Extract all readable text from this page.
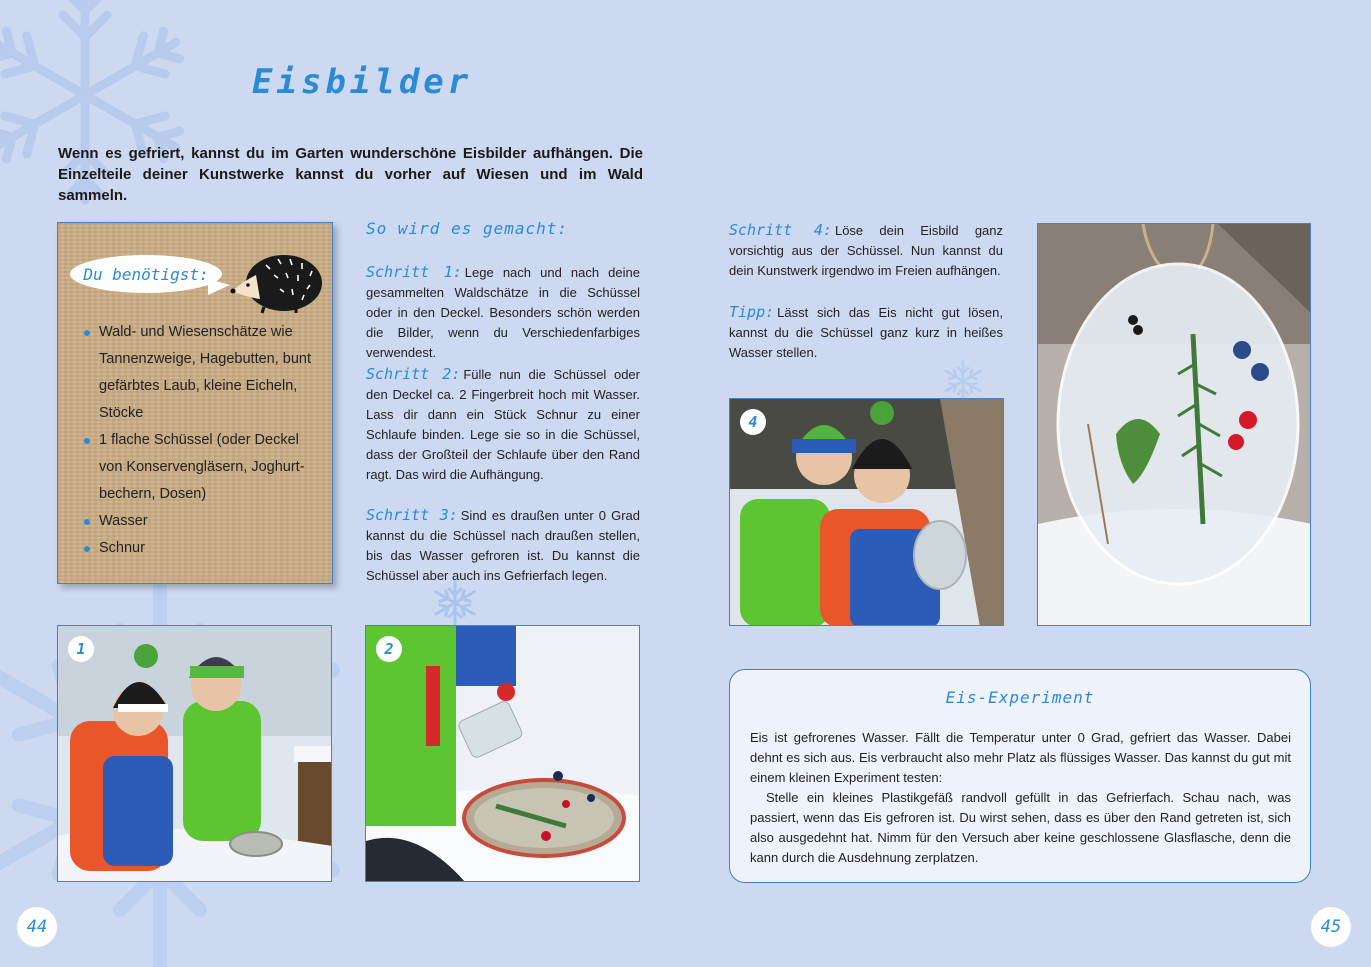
Eisbilder

Wenn es gefriert, kannst du im Garten wunderschöne Eisbilder aufhängen. Die Einzelteile deiner Kunstwerke kannst du vorher auf Wiesen und im Wald sammeln.

Du benötigst:
Wald- und Wiesenschätze wie Tannenzweige, Hagebutten, bunt gefärbtes Laub, kleine Eicheln, Stöcke
1 flache Schüssel (oder Deckel von Konservengläsern, Joghurt-bechern, Dosen)
Wasser
Schnur
So wird es gemacht:

Schritt 1: Lege nach und nach deine gesammelten Waldschätze in die Schüssel oder in den Deckel. Besonders schön werden die Bilder, wenn du Verschiedenfarbiges verwendest.

Schritt 2: Fülle nun die Schüssel oder den Deckel ca. 2 Fingerbreit hoch mit Wasser. Lass dir dann ein Stück Schnur zu einer Schlaufe binden. Lege sie so in die Schüssel, dass der Großteil der Schlaufe über den Rand ragt. Das wird die Aufhängung.

Schritt 3: Sind es draußen unter 0 Grad kannst du die Schüssel nach draußen stellen, bis das Wasser gefroren ist. Du kannst die Schüssel aber auch ins Gefrierfach legen.

Schritt 4: Löse dein Eisbild ganz vorsichtig aus der Schüssel. Nun kannst du dein Kunstwerk irgendwo im Freien aufhängen.

Tipp: Lässt sich das Eis nicht gut lösen, kannst du die Schüssel ganz kurz in heißes Wasser stellen.

1	2
4
Eis-Experiment

Eis ist gefrorenes Wasser. Fällt die Temperatur unter 0 Grad, gefriert das Wasser. Dabei dehnt es sich aus. Eis verbraucht also mehr Platz als flüssiges Wasser. Das kannst du gut mit einem kleinen Experiment testen:

Stelle ein kleines Plastikgefäß randvoll gefüllt in das Gefrierfach. Schau nach, was passiert, wenn das Eis gefroren ist. Du wirst sehen, dass es über den Rand getreten ist, sich also ausgedehnt hat. Nimm für den Versuch aber keine geschlossene Glasflasche, denn die kann durch die Ausdehnung zerplatzen.

44	45
